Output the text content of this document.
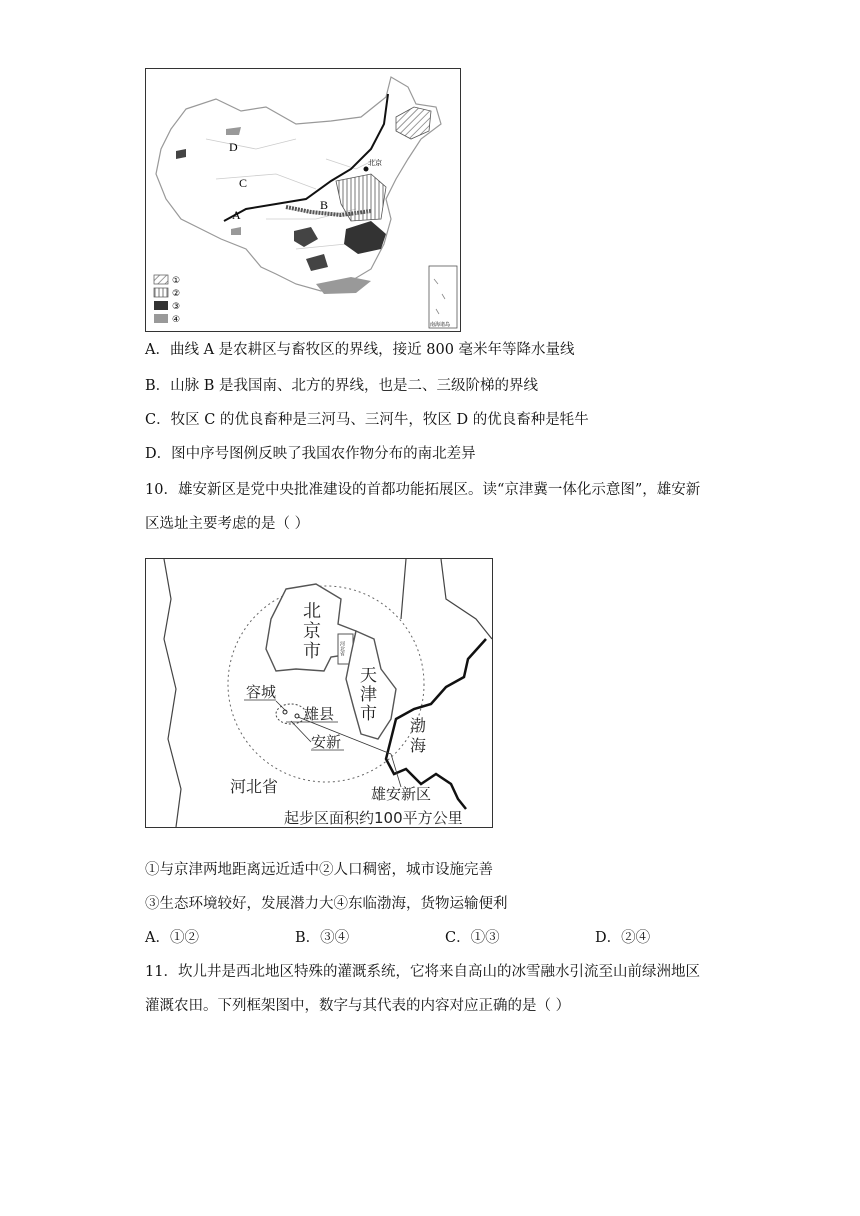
A
B
C
D
北京
①
②
③
④	南海诸岛
A．曲线 A 是农耕区与畜牧区的界线，接近 800 毫米年等降水量线
B．山脉 B 是我国南、北方的界线，也是二、三级阶梯的界线
C．牧区 C 的优良畜种是三河马、三河牛，牧区 D 的优良畜种是牦牛
D．图中序号图例反映了我国农作物分布的南北差异
10．雄安新区是党中央批准建设的首都功能拓展区。读“京津冀一体化示意图”，雄安新
区选址主要考虑的是（ ）
北
京
市	河北省
天
津
市
容城
雄县
安新
渤
海
河北省	雄安新区
起步区面积约100平方公里
①与京津两地距离远近适中②人口稠密，城市设施完善
③生态环境较好，发展潜力大④东临渤海，货物运输便利
A．①②	B．③④	C．①③	D．②④
11．坎儿井是西北地区特殊的灌溉系统，它将来自高山的冰雪融水引流至山前绿洲地区
灌溉农田。下列框架图中，数字与其代表的内容对应正确的是（ ）
